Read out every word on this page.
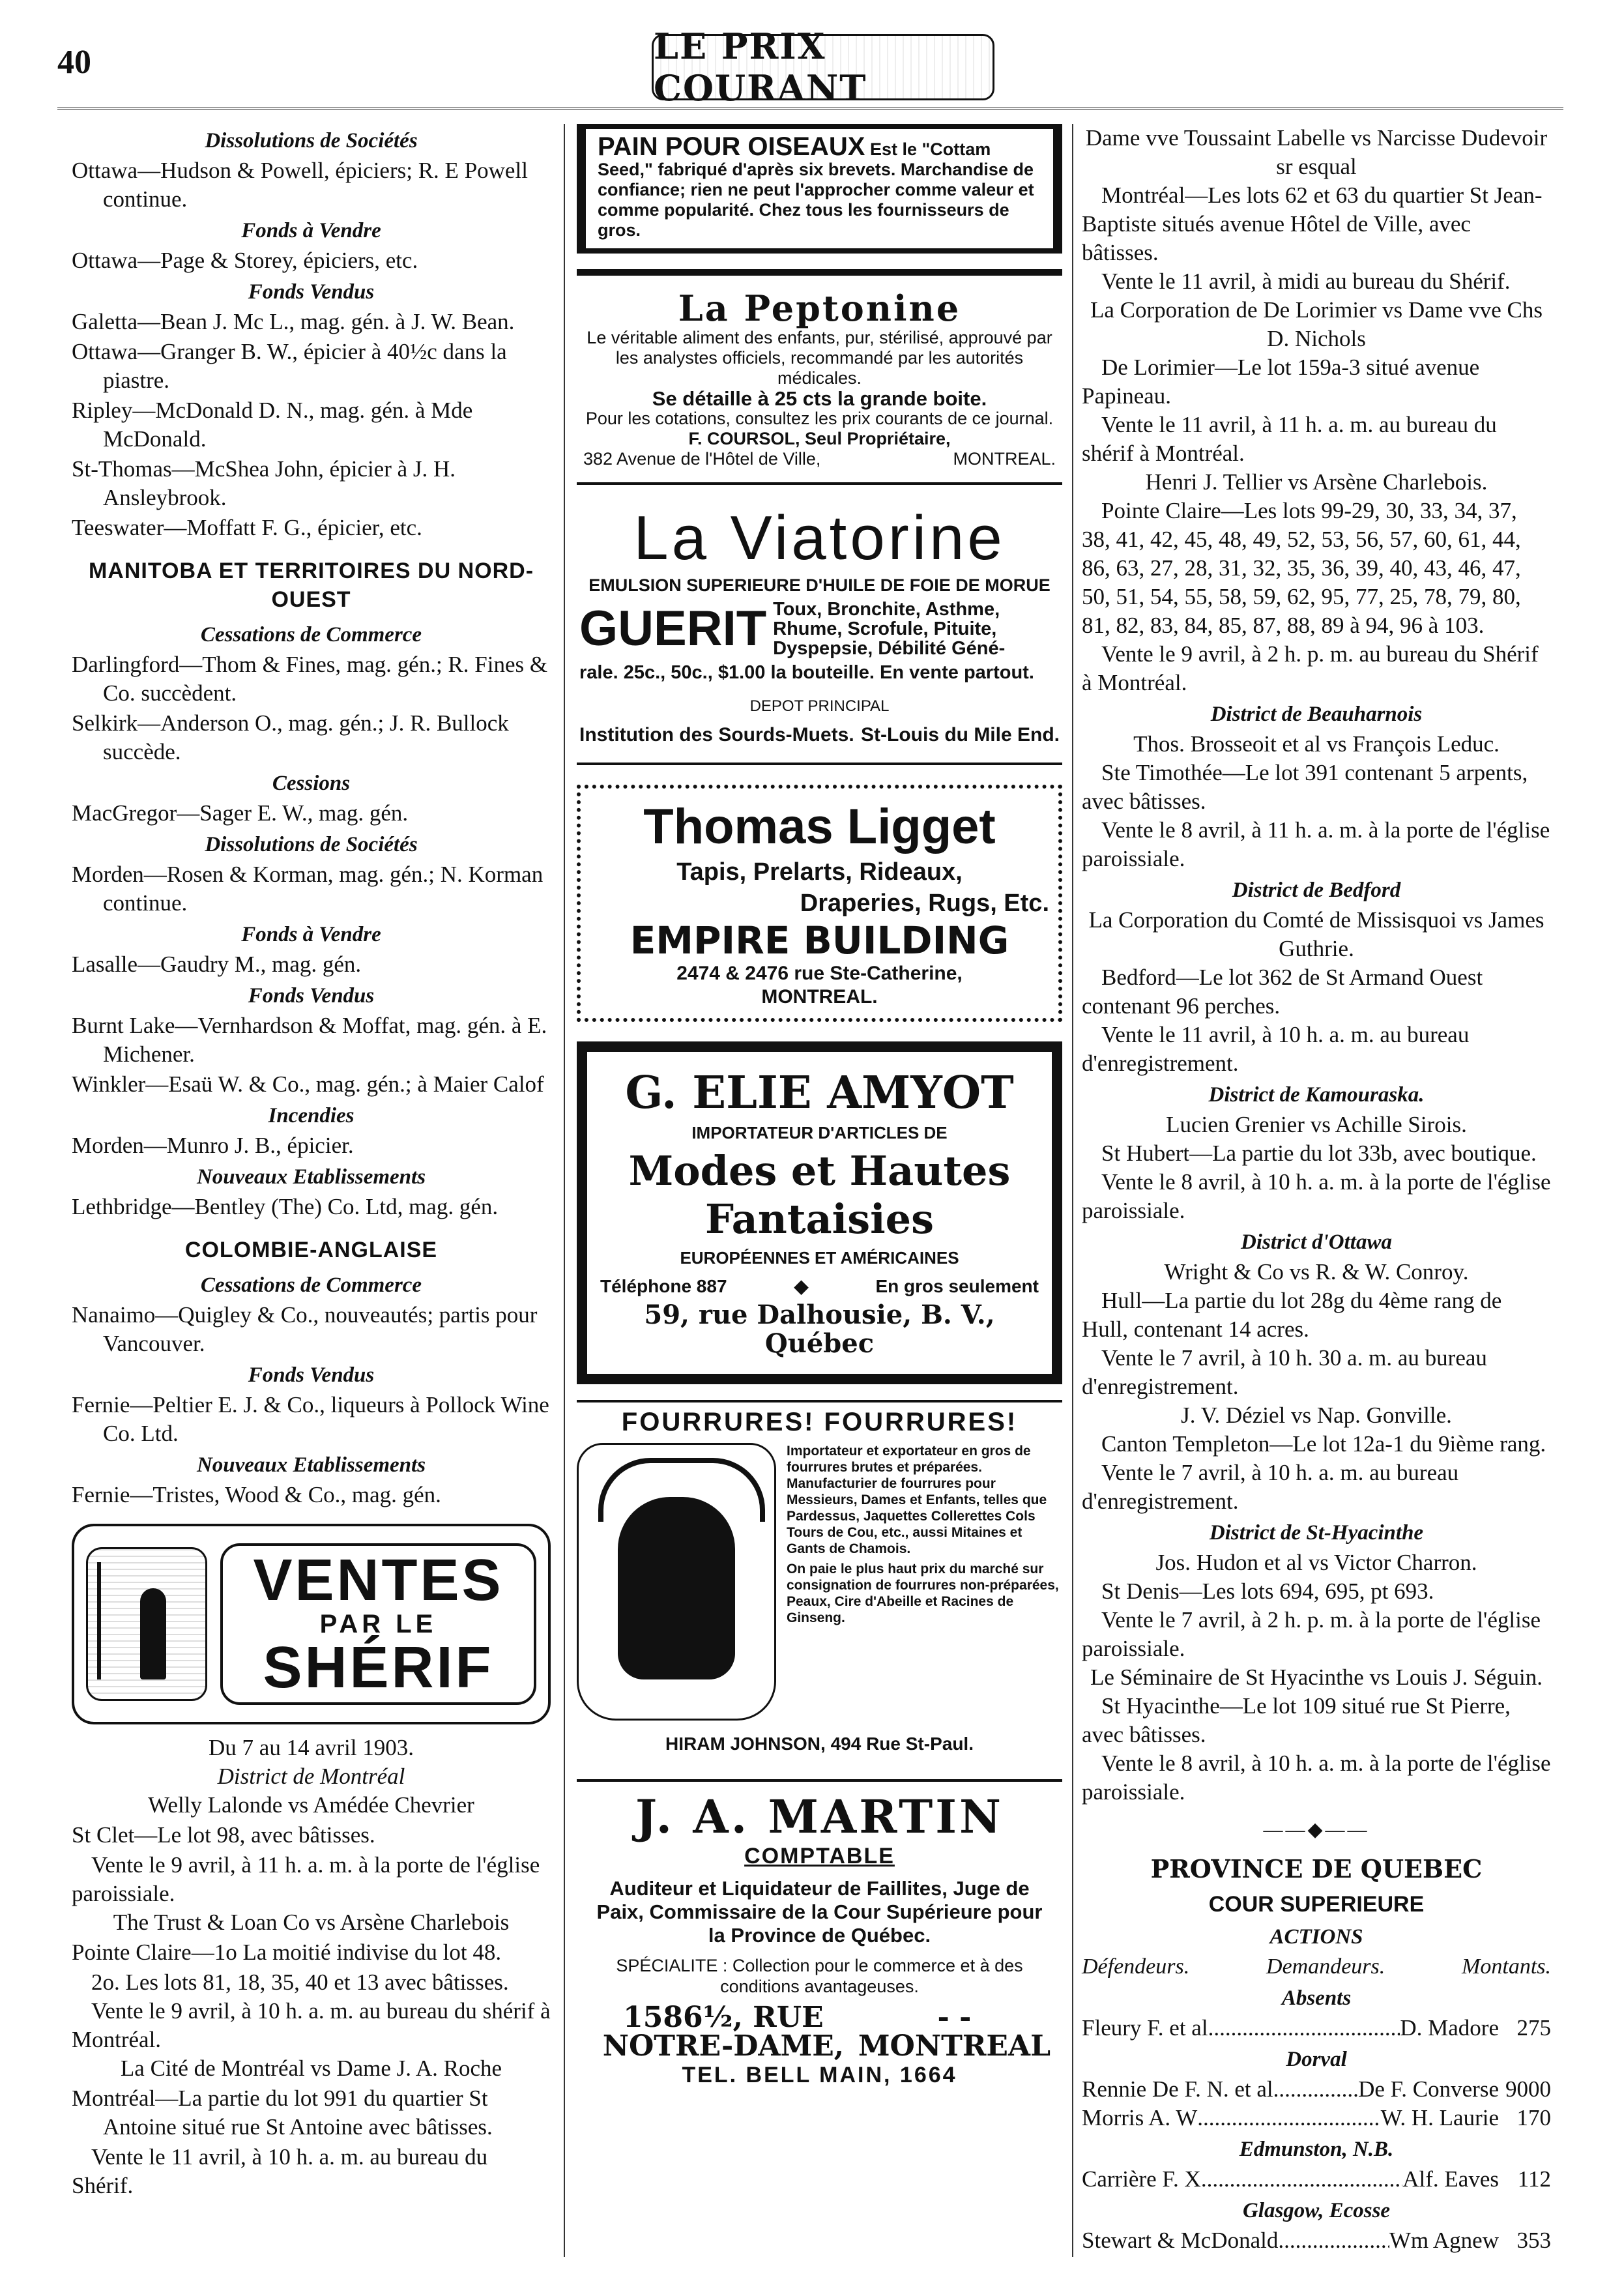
40	LE PRIX COURANT
Dissolutions de Sociétés
Ottawa—Hudson & Powell, épiciers; R. E Powell continue.
Fonds à Vendre
Ottawa—Page & Storey, épiciers, etc.
Fonds Vendus
Galetta—Bean J. Mc L., mag. gén. à J. W. Bean.
Ottawa—Granger B. W., épicier à 40½c dans la piastre.
Ripley—McDonald D. N., mag. gén. à Mde McDonald.
St-Thomas—McShea John, épicier à J. H. Ansleybrook.
Teeswater—Moffatt F. G., épicier, etc.
MANITOBA ET TERRITOIRES DU NORD-OUEST
Cessations de Commerce
Darlingford—Thom & Fines, mag. gén.; R. Fines & Co. succèdent.
Selkirk—Anderson O., mag. gén.; J. R. Bullock succède.
Cessions
MacGregor—Sager E. W., mag. gén.
Dissolutions de Sociétés
Morden—Rosen & Korman, mag. gén.; N. Korman continue.
Fonds à Vendre
Lasalle—Gaudry M., mag. gén.
Fonds Vendus
Burnt Lake—Vernhardson & Moffat, mag. gén. à E. Michener.
Winkler—Esaü W. & Co., mag. gén.; à Maier Calof
Incendies
Morden—Munro J. B., épicier.
Nouveaux Etablissements
Lethbridge—Bentley (The) Co. Ltd, mag. gén.
COLOMBIE-ANGLAISE
Cessations de Commerce
Nanaimo—Quigley & Co., nouveautés; partis pour Vancouver.
Fonds Vendus
Fernie—Peltier E. J. & Co., liqueurs à Pollock Wine Co. Ltd.
Nouveaux Etablissements
Fernie—Tristes, Wood & Co., mag. gén.
VENTES
PAR LE
SHÉRIF
Du 7 au 14 avril 1903.
District de Montréal
Welly Lalonde vs Amédée Chevrier
St Clet—Le lot 98, avec bâtisses.
Vente le 9 avril, à 11 h. a. m. à la porte de l'église paroissiale.
The Trust & Loan Co vs Arsène Charlebois
Pointe Claire—1o La moitié indivise du lot 48.
2o. Les lots 81, 18, 35, 40 et 13 avec bâtisses.
Vente le 9 avril, à 10 h. a. m. au bureau du shérif à Montréal.
La Cité de Montréal vs Dame J. A. Roche
Montréal—La partie du lot 991 du quartier St Antoine situé rue St Antoine avec bâtisses.
Vente le 11 avril, à 10 h. a. m. au bureau du Shérif.
PAIN POUR OISEAUX Est le "Cottam Seed," fabriqué d'après six brevets. Marchandise de confiance; rien ne peut l'approcher comme valeur et comme popularité. Chez tous les fournisseurs de gros.
La Peptonine
Le véritable aliment des enfants, pur, stérilisé, approuvé par les analystes officiels, recommandé par les autorités médicales.
Se détaille à 25 cts la grande boite.
Pour les cotations, consultez les prix courants de ce journal.
F. COURSOL, Seul Propriétaire,
382 Avenue de l'Hôtel de Ville,	MONTREAL.
La Viatorine
EMULSION SUPERIEURE D'HUILE DE FOIE DE MORUE
GUERIT Toux, Bronchite, Asthme, Rhume, Scrofule, Pituite, Dyspepsie, Débilité Géné-
rale. 25c., 50c., $1.00 la bouteille. En vente partout.
DEPOT PRINCIPAL
Institution des Sourds-Muets. St-Louis du Mile End.
Thomas Ligget
Tapis, Prelarts, Rideaux,
Draperies, Rugs, Etc.
EMPIRE BUILDING
2474 & 2476 rue Ste-Catherine,
MONTREAL.
G. ELIE AMYOT
IMPORTATEUR D'ARTICLES DE
Modes et Hautes Fantaisies
EUROPÉENNES ET AMÉRICAINES
Téléphone 887	◆	En gros seulement
59, rue Dalhousie, B. V., Québec
FOURRURES! FOURRURES!
Importateur et exportateur en gros de fourrures brutes et préparées. Manufacturier de fourrures pour Messieurs, Dames et Enfants, telles que Pardessus, Jaquettes Collerettes Cols Tours de Cou, etc., aussi Mitaines et Gants de Chamois.
On paie le plus haut prix du marché sur consignation de fourrures non-préparées, Peaux, Cire d'Abeille et Racines de Ginseng.
HIRAM JOHNSON, 494 Rue St-Paul.
J. A. MARTIN
COMPTABLE
Auditeur et Liquidateur de Faillites, Juge de Paix, Commissaire de la Cour Supérieure pour la Province de Québec.
SPÉCIALITE : Collection pour le commerce et à des conditions avantageuses.
1586½, RUE NOTRE-DAME,
- - MONTREAL
TEL. BELL MAIN, 1664
Dame vve Toussaint Labelle vs Narcisse Dudevoir sr esqual
Montréal—Les lots 62 et 63 du quartier St Jean-Baptiste situés avenue Hôtel de Ville, avec bâtisses.
Vente le 11 avril, à midi au bureau du Shérif.
La Corporation de De Lorimier vs Dame vve Chs D. Nichols
De Lorimier—Le lot 159a-3 situé avenue Papineau.
Vente le 11 avril, à 11 h. a. m. au bureau du shérif à Montréal.
Henri J. Tellier vs Arsène Charlebois.
Pointe Claire—Les lots 99-29, 30, 33, 34, 37, 38, 41, 42, 45, 48, 49, 52, 53, 56, 57, 60, 61, 44, 86, 63, 27, 28, 31, 32, 35, 36, 39, 40, 43, 46, 47, 50, 51, 54, 55, 58, 59, 62, 95, 77, 25, 78, 79, 80, 81, 82, 83, 84, 85, 87, 88, 89 à 94, 96 à 103.
Vente le 9 avril, à 2 h. p. m. au bureau du Shérif à Montréal.
District de Beauharnois
Thos. Brosseoit et al vs François Leduc.
Ste Timothée—Le lot 391 contenant 5 arpents, avec bâtisses.
Vente le 8 avril, à 11 h. a. m. à la porte de l'église paroissiale.
District de Bedford
La Corporation du Comté de Missisquoi vs James Guthrie.
Bedford—Le lot 362 de St Armand Ouest contenant 96 perches.
Vente le 11 avril, à 10 h. a. m. au bureau d'enregistrement.
District de Kamouraska.
Lucien Grenier vs Achille Sirois.
St Hubert—La partie du lot 33b, avec boutique.
Vente le 8 avril, à 10 h. a. m. à la porte de l'église paroissiale.
District d'Ottawa
Wright & Co vs R. & W. Conroy.
Hull—La partie du lot 28g du 4ème rang de Hull, contenant 14 acres.
Vente le 7 avril, à 10 h. 30 a. m. au bureau d'enregistrement.
J. V. Déziel vs Nap. Gonville.
Canton Templeton—Le lot 12a-1 du 9ième rang.
Vente le 7 avril, à 10 h. a. m. au bureau d'enregistrement.
District de St-Hyacinthe
Jos. Hudon et al vs Victor Charron.
St Denis—Les lots 694, 695, pt 693.
Vente le 7 avril, à 2 h. p. m. à la porte de l'église paroissiale.
Le Séminaire de St Hyacinthe vs Louis J. Séguin.
St Hyacinthe—Le lot 109 situé rue St Pierre, avec bâtisses.
Vente le 8 avril, à 10 h. a. m. à la porte de l'église paroissiale.
——◆——
PROVINCE DE QUEBEC
COUR SUPERIEURE
ACTIONS
Défendeurs.	Demandeurs.	Montants.
Absents
Fleury F. et al .....	D. Madore 275
Dorval
Rennie De F. N. et al. .....	De F. Converse 9000
Morris A. W .....	W. H. Laurie 170
Edmunston, N.B.
Carrière F. X .....	Alf. Eaves 112
Glasgow, Ecosse
Stewart & McDonald .....	Wm Agnew 353
